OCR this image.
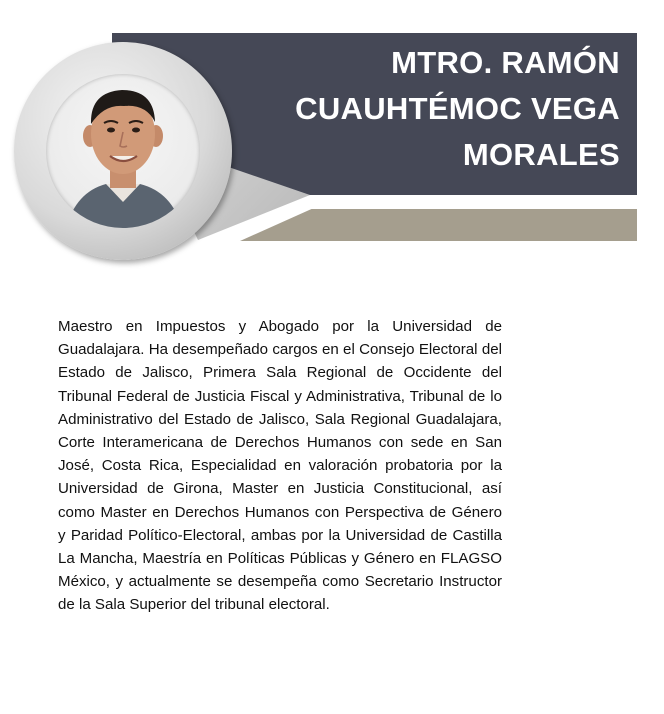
MTRO. RAMÓN
CUAUHTÉMOC VEGA
MORALES
Maestro en Impuestos y Abogado por la Universidad de Guadalajara. Ha desempeñado cargos en el Consejo Electoral del Estado de Jalisco, Primera Sala Regional de Occidente del Tribunal Federal de Justicia Fiscal y Administrativa, Tribunal de lo Administrativo del Estado de Jalisco, Sala Regional Guadalajara, Corte Interamericana de Derechos Humanos con sede en San José, Costa Rica, Especialidad en valoración probatoria por la Universidad de Girona, Master en Justicia Constitucional, así como Master en Derechos Humanos con Perspectiva de Género y Paridad Político-Electoral, ambas por la Universidad de Castilla La Mancha, Maestría en Políticas Públicas y Género en FLAGSO México, y actualmente se desempeña como Secretario Instructor de la Sala Superior del tribunal electoral.
